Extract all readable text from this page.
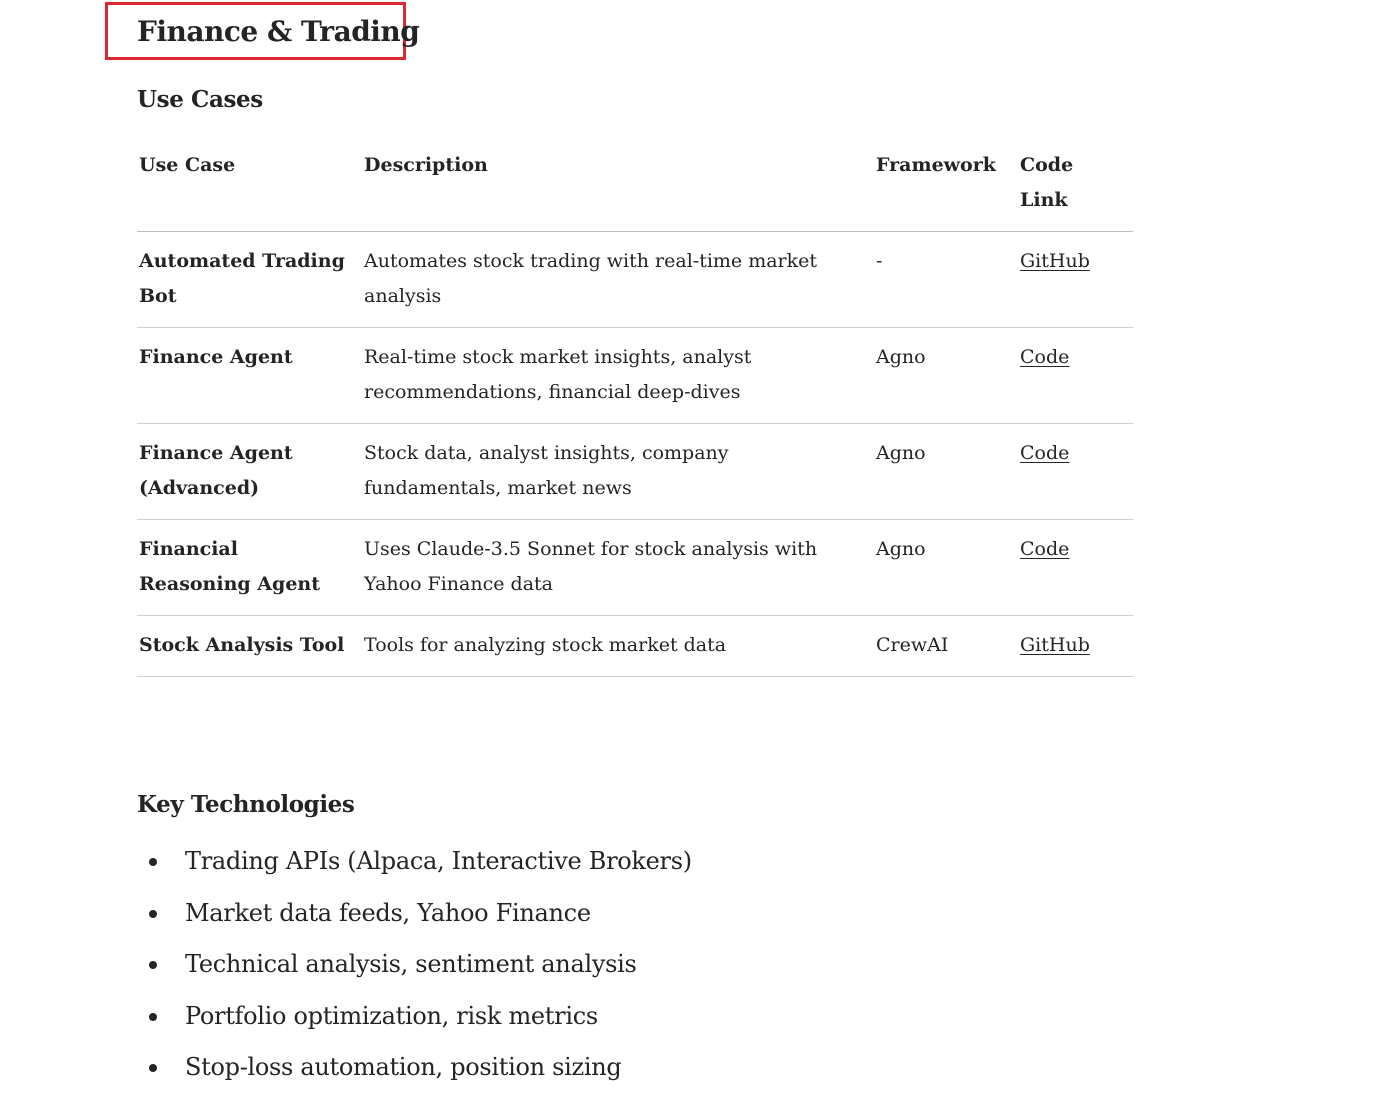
Finance & Trading
Use Cases
Use Case	Description	Framework	Code Link
Automated Trading Bot	Automates stock trading with real-time market analysis	-	GitHub
Finance Agent	Real-time stock market insights, analyst recommendations, financial deep-dives	Agno	Code
Finance Agent (Advanced)	Stock data, analyst insights, company fundamentals, market news	Agno	Code
Financial Reasoning Agent	Uses Claude-3.5 Sonnet for stock analysis with Yahoo Finance data	Agno	Code
Stock Analysis Tool	Tools for analyzing stock market data	CrewAI	GitHub
Key Technologies
Trading APIs (Alpaca, Interactive Brokers)
Market data feeds, Yahoo Finance
Technical analysis, sentiment analysis
Portfolio optimization, risk metrics
Stop-loss automation, position sizing
